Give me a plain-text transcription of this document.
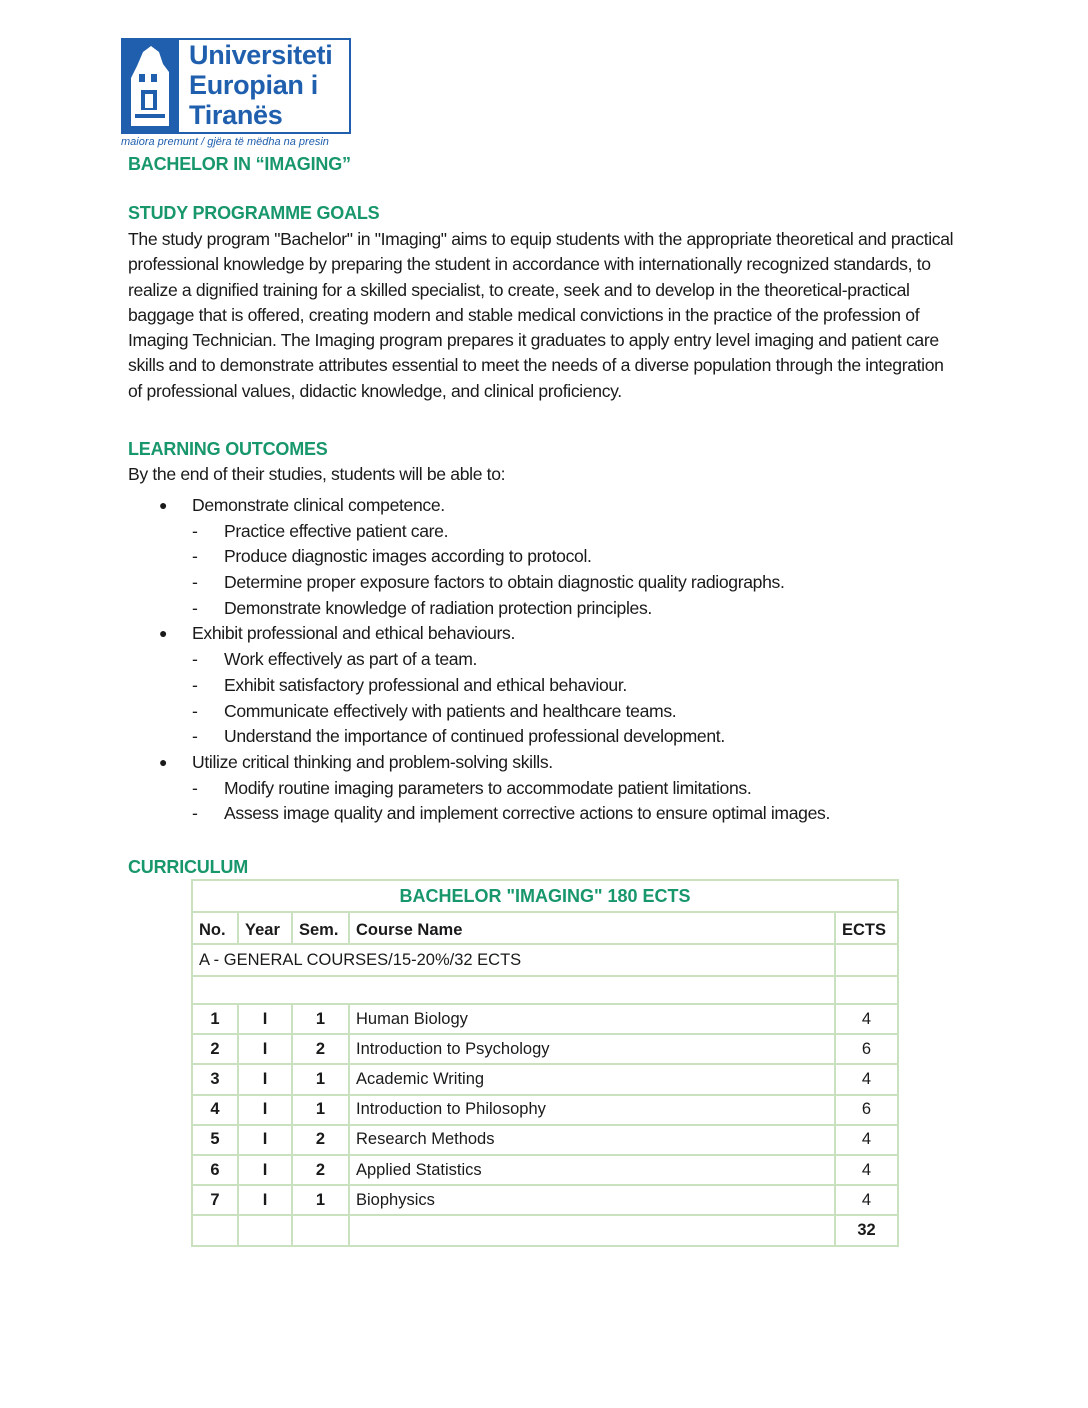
Universiteti
Europian i
Tiranës
maiora premunt / gjëra të mëdha na presin
BACHELOR IN “IMAGING”
STUDY PROGRAMME GOALS
The study program "Bachelor" in "Imaging" aims to equip students with the appropriate theoretical and practical professional knowledge by preparing the student in accordance with internationally recognized standards, to realize a dignified training for a skilled specialist, to create, seek and to develop in the theoretical-practical baggage that is offered, creating modern and stable medical convictions in the practice of the profession of Imaging Technician. The Imaging program prepares it graduates to apply entry level imaging and patient care skills and to demonstrate attributes essential to meet the needs of a diverse population through the integration of professional values, didactic knowledge, and clinical proficiency.
LEARNING OUTCOMES
By the end of their studies, students will be able to:
● Demonstrate clinical competence.
- Practice effective patient care.
- Produce diagnostic images according to protocol.
- Determine proper exposure factors to obtain diagnostic quality radiographs.
- Demonstrate knowledge of radiation protection principles.
● Exhibit professional and ethical behaviours.
- Work effectively as part of a team.
- Exhibit satisfactory professional and ethical behaviour.
- Communicate effectively with patients and healthcare teams.
- Understand the importance of continued professional development.
● Utilize critical thinking and problem-solving skills.
- Modify routine imaging parameters to accommodate patient limitations.
- Assess image quality and implement corrective actions to ensure optimal images.
CURRICULUM
BACHELOR "IMAGING" 180 ECTS				
No.	Year	Sem.	Course Name	ECTS
A - GENERAL COURSES/15-20%/32 ECTS				

1	I	1	Human Biology	4
2	I	2	Introduction to Psychology	6
3	I	1	Academic Writing	4
4	I	1	Introduction to Philosophy	6
5	I	2	Research Methods	4
6	I	2	Applied Statistics	4
7	I	1	Biophysics	4
				32
